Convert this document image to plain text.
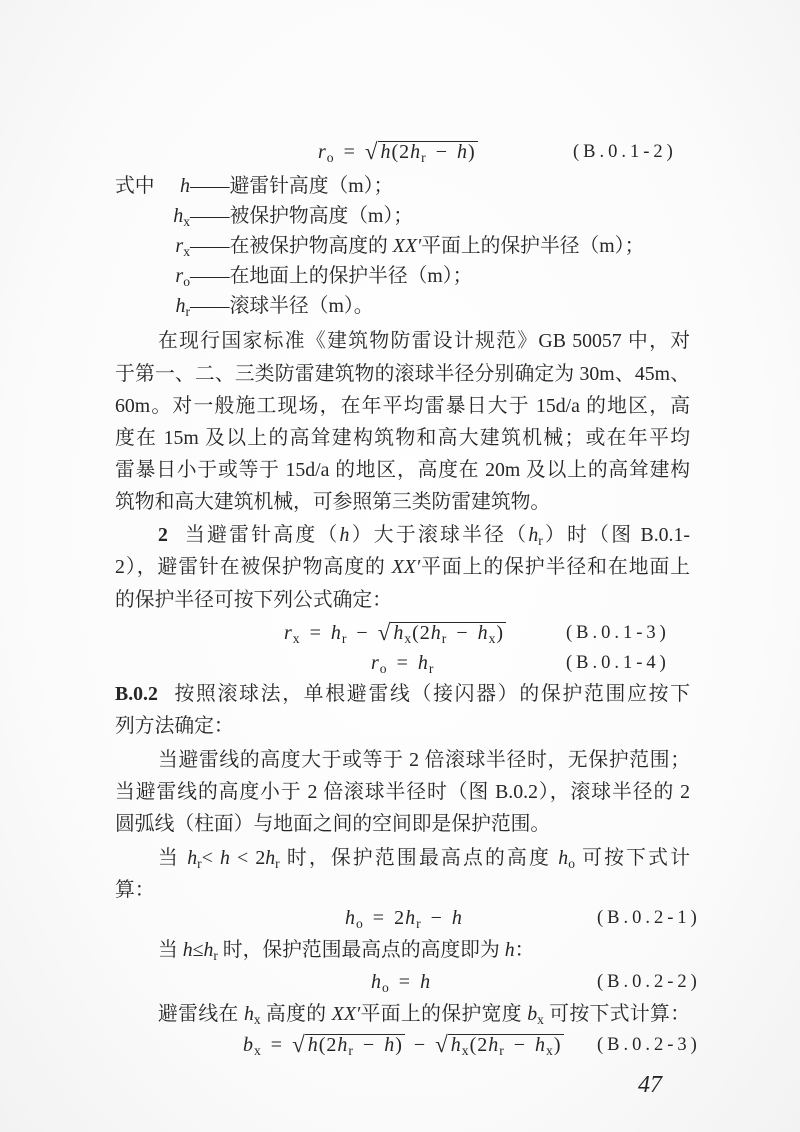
$r_o$ = √ $h(2h_r - h)$	(B.0.1-2)
式中	h ——避雷针高度（m）；
$h_x$ ——被保护物高度（m）；
$r_x$ ——在被保护物高度的 XX′平面上的保护半径（m）；
$r_o$ ——在地面上的保护半径（m）；
$h_r$ ——滚球半径（m）。
在现行国家标准《建筑物防雷设计规范》GB 50057 中，对
于第一、二、三类防雷建筑物的滚球半径分别确定为 30m、45m、
60m。对一般施工现场，在年平均雷暴日大于 15d/a 的地区，高
度在 15m 及以上的高耸建构筑物和高大建筑机械；或在年平均
雷暴日小于或等于 15d/a 的地区，高度在 20m 及以上的高耸建构
筑物和高大建筑机械，可参照第三类防雷建筑物。
2 当避雷针高度（h）大于滚球半径$(h_r)$时（图 B.0.1-
2），避雷针在被保护物高度的 XX′平面上的保护半径和在地面上
的保护半径可按下列公式确定：
$r_x = h_r$ − √ $h_x(2h_r - h_x)$	(B.0.1-3)
$r_o = h_r$	(B.0.1-4)
B.0.2 按照滚球法，单根避雷线（接闪器）的保护范围应按下
列方法确定：
当避雷线的高度大于或等于 2 倍滚球半径时，无保护范围；
当避雷线的高度小于 2 倍滚球半径时（图 B.0.2），滚球半径的 2
圆弧线（柱面）与地面之间的空间即是保护范围。
当 $h_r< h < 2h_r$ 时，保护范围最高点的高度 $h_o$ 可按下式计
算：
$h_o = 2h_r - h$	(B.0.2-1)
当 $h\le h_r$ 时，保护范围最高点的高度即为 h：
$h_o = h$	(B.0.2-2)
避雷线在 $h_x$ 高度的 XX′平面上的保护宽度 $b_x$ 可按下式计算：
$b_x$ = √ $h(2h_r - h)$ − √ $h_x(2h_r - h_x)$ (B.0.2-3)
47
